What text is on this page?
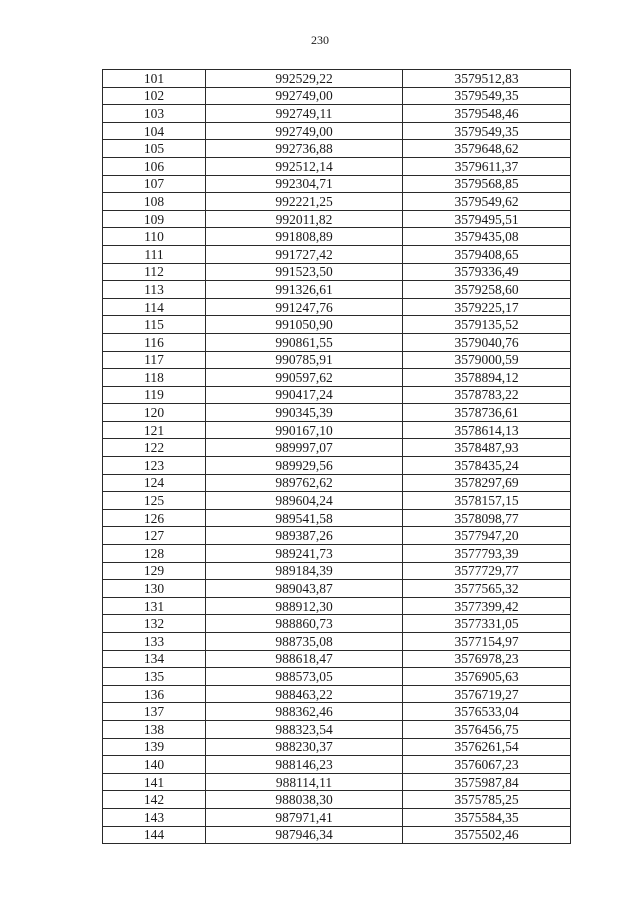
230
101	992529,22	3579512,83
102	992749,00	3579549,35
103	992749,11	3579548,46
104	992749,00	3579549,35
105	992736,88	3579648,62
106	992512,14	3579611,37
107	992304,71	3579568,85
108	992221,25	3579549,62
109	992011,82	3579495,51
110	991808,89	3579435,08
111	991727,42	3579408,65
112	991523,50	3579336,49
113	991326,61	3579258,60
114	991247,76	3579225,17
115	991050,90	3579135,52
116	990861,55	3579040,76
117	990785,91	3579000,59
118	990597,62	3578894,12
119	990417,24	3578783,22
120	990345,39	3578736,61
121	990167,10	3578614,13
122	989997,07	3578487,93
123	989929,56	3578435,24
124	989762,62	3578297,69
125	989604,24	3578157,15
126	989541,58	3578098,77
127	989387,26	3577947,20
128	989241,73	3577793,39
129	989184,39	3577729,77
130	989043,87	3577565,32
131	988912,30	3577399,42
132	988860,73	3577331,05
133	988735,08	3577154,97
134	988618,47	3576978,23
135	988573,05	3576905,63
136	988463,22	3576719,27
137	988362,46	3576533,04
138	988323,54	3576456,75
139	988230,37	3576261,54
140	988146,23	3576067,23
141	988114,11	3575987,84
142	988038,30	3575785,25
143	987971,41	3575584,35
144	987946,34	3575502,46
